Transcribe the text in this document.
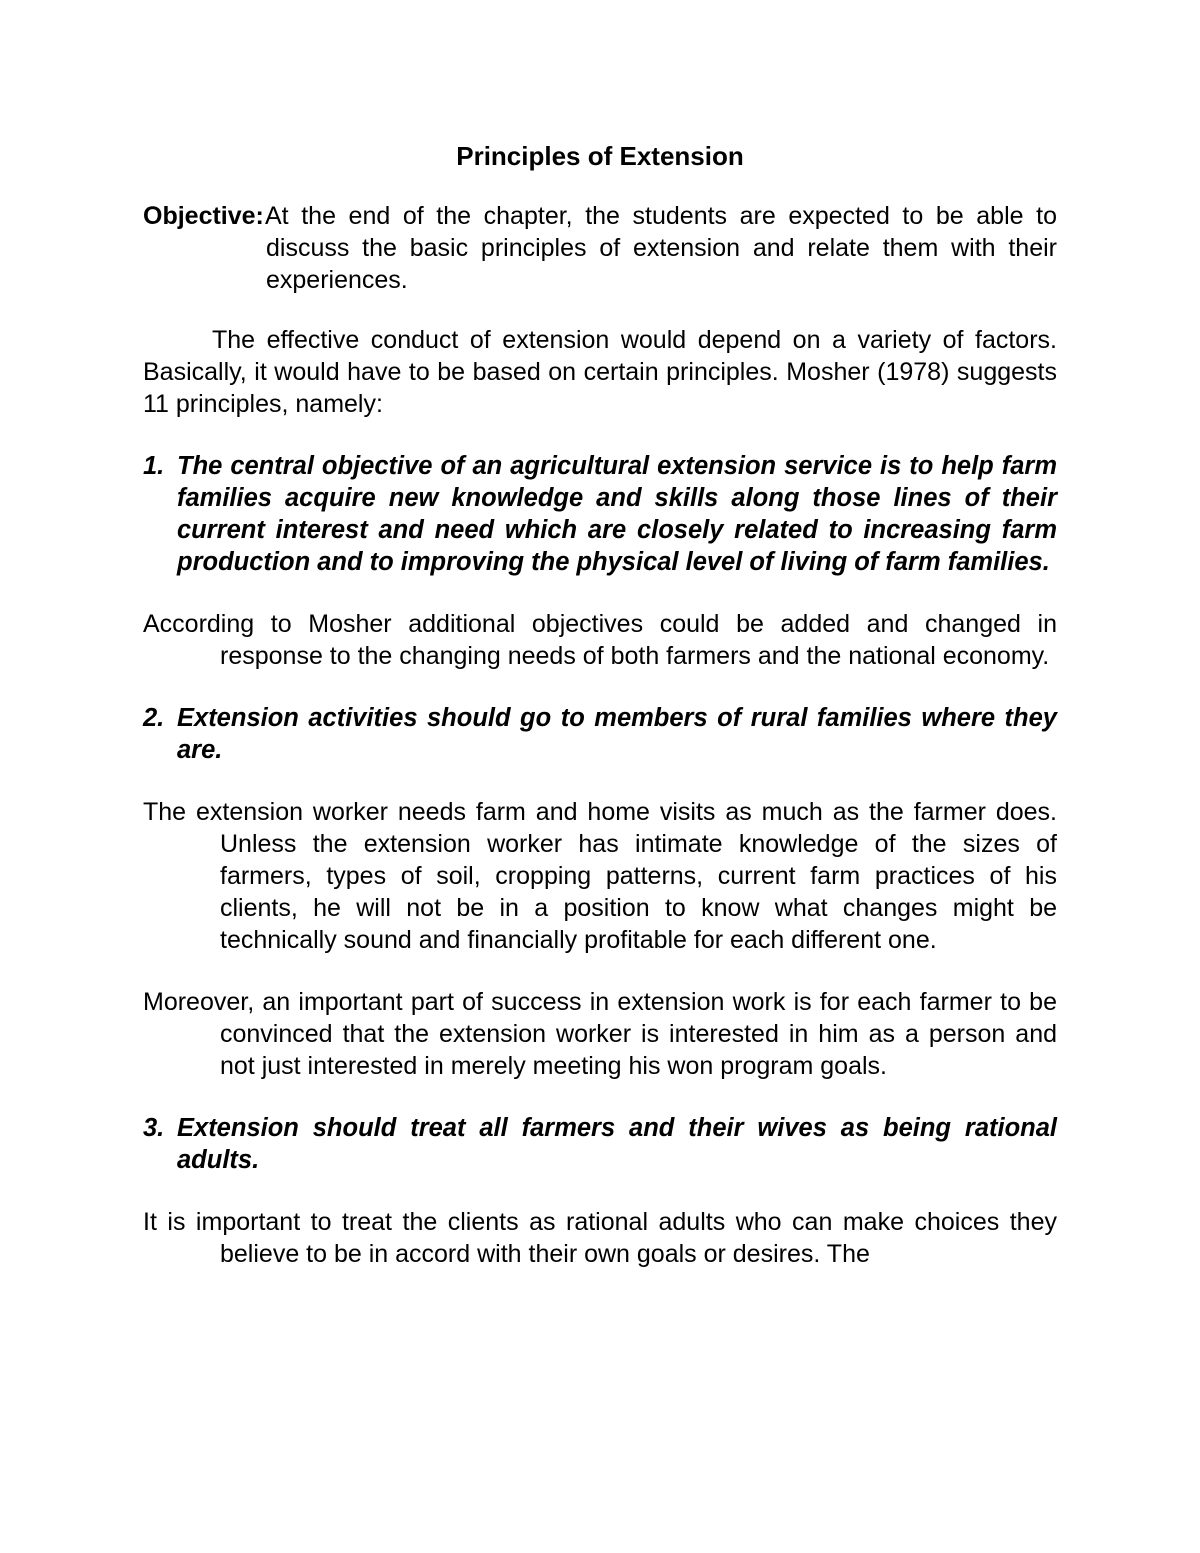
Principles of Extension
Objective:At the end of the chapter, the students are expected to be able to discuss the basic principles of extension and relate them with their experiences.
The effective conduct of extension would depend on a variety of factors. Basically, it would have to be based on certain principles. Mosher (1978) suggests 11 principles, namely:
1. The central objective of an agricultural extension service is to help farm families acquire new knowledge and skills along those lines of their current interest and need which are closely related to increasing farm production and to improving the physical level of living of farm families.
According to Mosher additional objectives could be added and changed in response to the changing needs of both farmers and the national economy.
2. Extension activities should go to members of rural families where they are.
The extension worker needs farm and home visits as much as the farmer does. Unless the extension worker has intimate knowledge of the sizes of farmers, types of soil, cropping patterns, current farm practices of his clients, he will not be in a position to know what changes might be technically sound and financially profitable for each different one.
Moreover, an important part of success in extension work is for each farmer to be convinced that the extension worker is interested in him as a person and not just interested in merely meeting his won program goals.
3. Extension should treat all farmers and their wives as being rational adults.
It is important to treat the clients as rational adults who can make choices they believe to be in accord with their own goals or desires. The
